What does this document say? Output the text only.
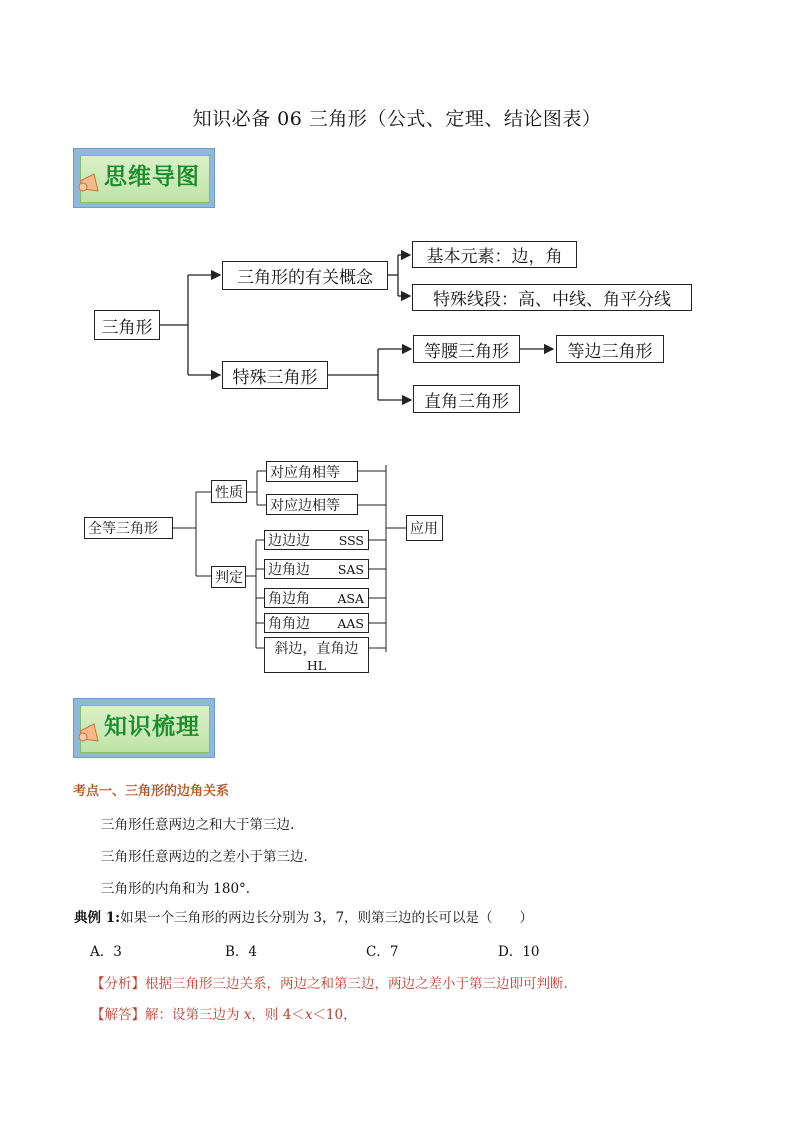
知识必备 06 三角形（公式、定理、结论图表）
思维导图
三角形
三角形的有关概念
基本元素：边，角
特殊线段：高、中线、角平分线
特殊三角形
等腰三角形	等边三角形
直角三角形
全等三角形
性质
判定
应用
对应角相等
对应边相等
边边边 SSS
边角边 SAS
角边角 ASA
角角边 AAS
斜边，直角边
HL
知识梳理
考点一、三角形的边角关系
三角形任意两边之和大于第三边.
三角形任意两边的之差小于第三边.
三角形的内角和为 180°．
典例 1:如果一个三角形的两边长分别为 3，7，则第三边的长可以是（　　）
A．3	B．4	C．7	D．10
【分析】根据三角形三边关系，两边之和第三边，两边之差小于第三边即可判断.
【解答】解：设第三边为 x，则 4＜x＜10，
